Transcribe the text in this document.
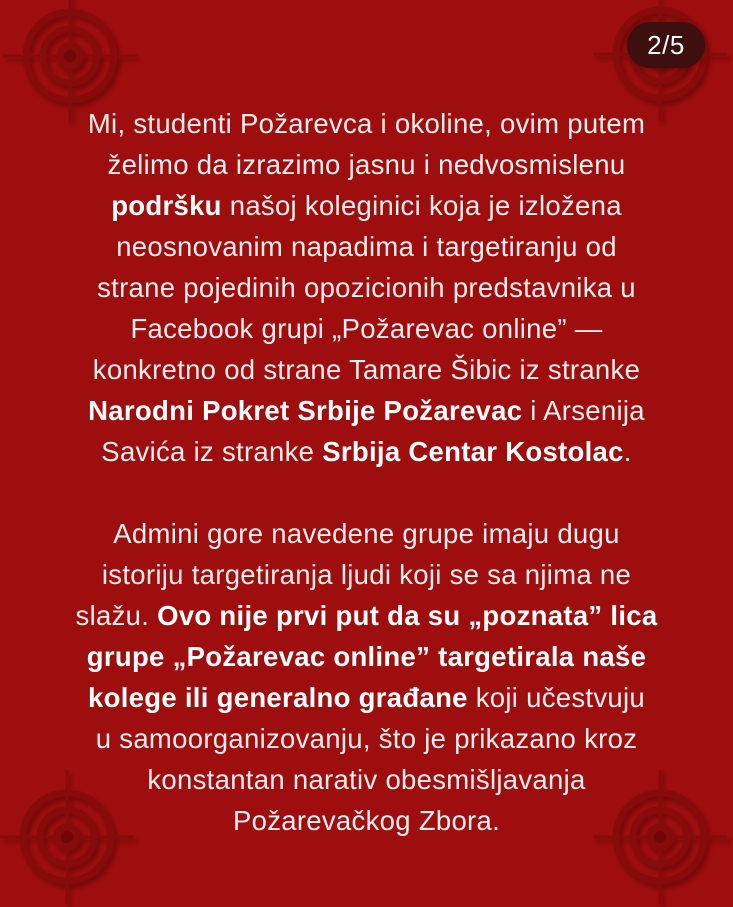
2/5
Mi, studenti Požarevca i okoline, ovim putem
želimo da izrazimo jasnu i nedvosmislenu
podršku našoj koleginici koja je izložena
neosnovanim napadima i targetiranju od
strane pojedinih opozicionih predstavnika u
Facebook grupi „Požarevac online” —
konkretno od strane Tamare Šibic iz stranke
Narodni Pokret Srbije Požarevac i Arsenija
Savića iz stranke Srbija Centar Kostolac.
Admini gore navedene grupe imaju dugu
istoriju targetiranja ljudi koji se sa njima ne
slažu. Ovo nije prvi put da su „poznata” lica
grupe „Požarevac online” targetirala naše
kolege ili generalno građane koji učestvuju
u samoorganizovanju, što je prikazano kroz
konstantan narativ obesmišljavanja
Požarevačkog Zbora.
